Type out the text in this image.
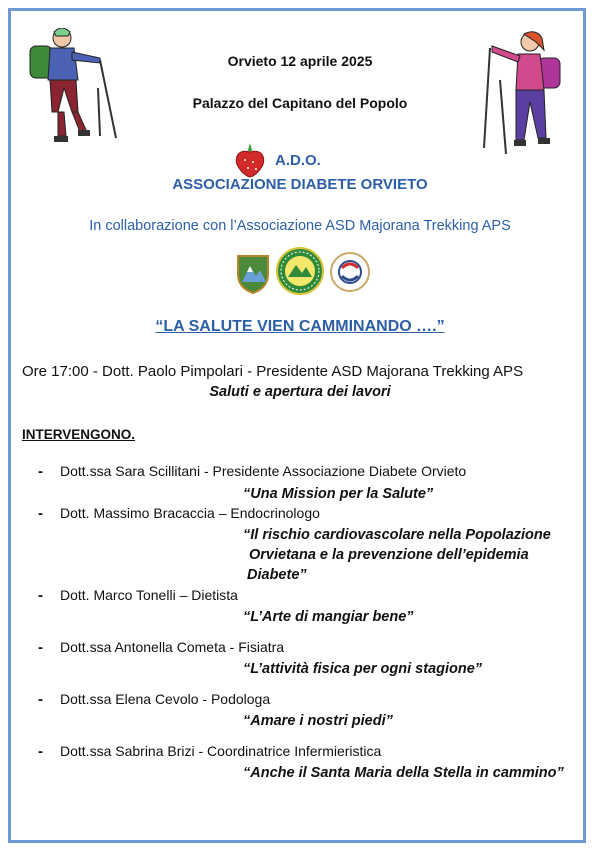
Orvieto 12 aprile 2025
Palazzo del Capitano del Popolo
A.D.O.
ASSOCIAZIONE DIABETE ORVIETO
In collaborazione con l’Associazione ASD Majorana Trekking APS
“LA SALUTE VIEN CAMMINANDO ….”
Ore 17:00 - Dott. Paolo Pimpolari - Presidente ASD Majorana Trekking APS
Saluti e apertura dei lavori
INTERVENGONO.
- Dott.ssa Sara Scillitani - Presidente Associazione Diabete Orvieto
“Una Mission per la Salute”
- Dott. Massimo Bracaccia – Endocrinologo
“Il rischio cardiovascolare nella Popolazione
Orvietana e la prevenzione dell’epidemia
Diabete”
- Dott. Marco Tonelli – Dietista
“L’Arte di mangiar bene”
- Dott.ssa Antonella Cometa - Fisiatra
“L’attività fisica per ogni stagione”
- Dott.ssa Elena Cevolo - Podologa
“Amare i nostri piedi”
- Dott.ssa Sabrina Brizi - Coordinatrice Infermieristica
“Anche il Santa Maria della Stella in cammino”
